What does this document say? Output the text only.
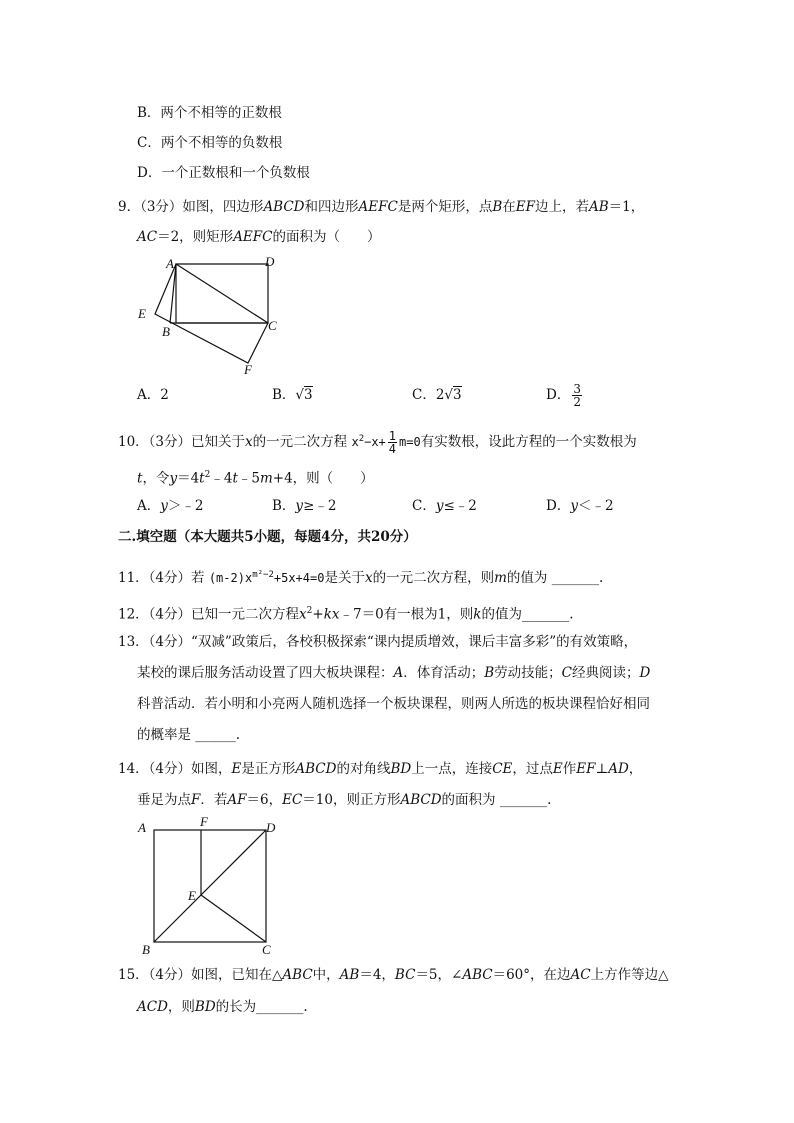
B．两个不相等的正数根
C．两个不相等的负数根
D．一个正数根和一个负数根
9．（3分）如图，四边形ABCD和四边形AEFC是两个矩形，点B在EF边上，若AB＝1，
AC＝2，则矩形AEFC的面积为（　　）
A	D
E
B	C
F
A．2	B．√3	C．2√3	D． $\frac{3}{2}$
10．（3分）已知关于x的一元二次方程 $x^2-x+ \frac{1}{4} m=0$有实数根，设此方程的一个实数根为
t，令$y=4t^2﹣4t﹣5m+4$，则（　　）
A．y＞﹣2	B．y≥﹣2	C．y≤﹣2	D．y＜﹣2
二.填空题（本大题共5小题，每题4分，共20分）
11．（4分）若 $(m-2)x^{m^2-2}+5x+4=0$是关于x的一元二次方程，则m的值为 _______.
12．（4分）已知一元二次方程$x^2+kx﹣7=0$有一根为1，则k的值为_______.
13．（4分）“双减”政策后，各校积极探索“课内提质增效，课后丰富多彩”的有效策略，
某校的课后服务活动设置了四大板块课程：A．体育活动；B劳动技能；C经典阅读；D
科普活动．若小明和小亮两人随机选择一个板块课程，则两人所选的板块课程恰好相同
的概率是 ______.
14．（4分）如图，E是正方形ABCD的对角线BD上一点，连接CE，过点E作EF⊥AD，
垂足为点F．若AF＝6，EC＝10，则正方形ABCD的面积为 _______.
A	F	D
E
B	C
15．（4分）如图，已知在△ABC中，AB＝4，BC＝5，∠ABC＝60°，在边AC上方作等边△
ACD，则BD的长为_______.
